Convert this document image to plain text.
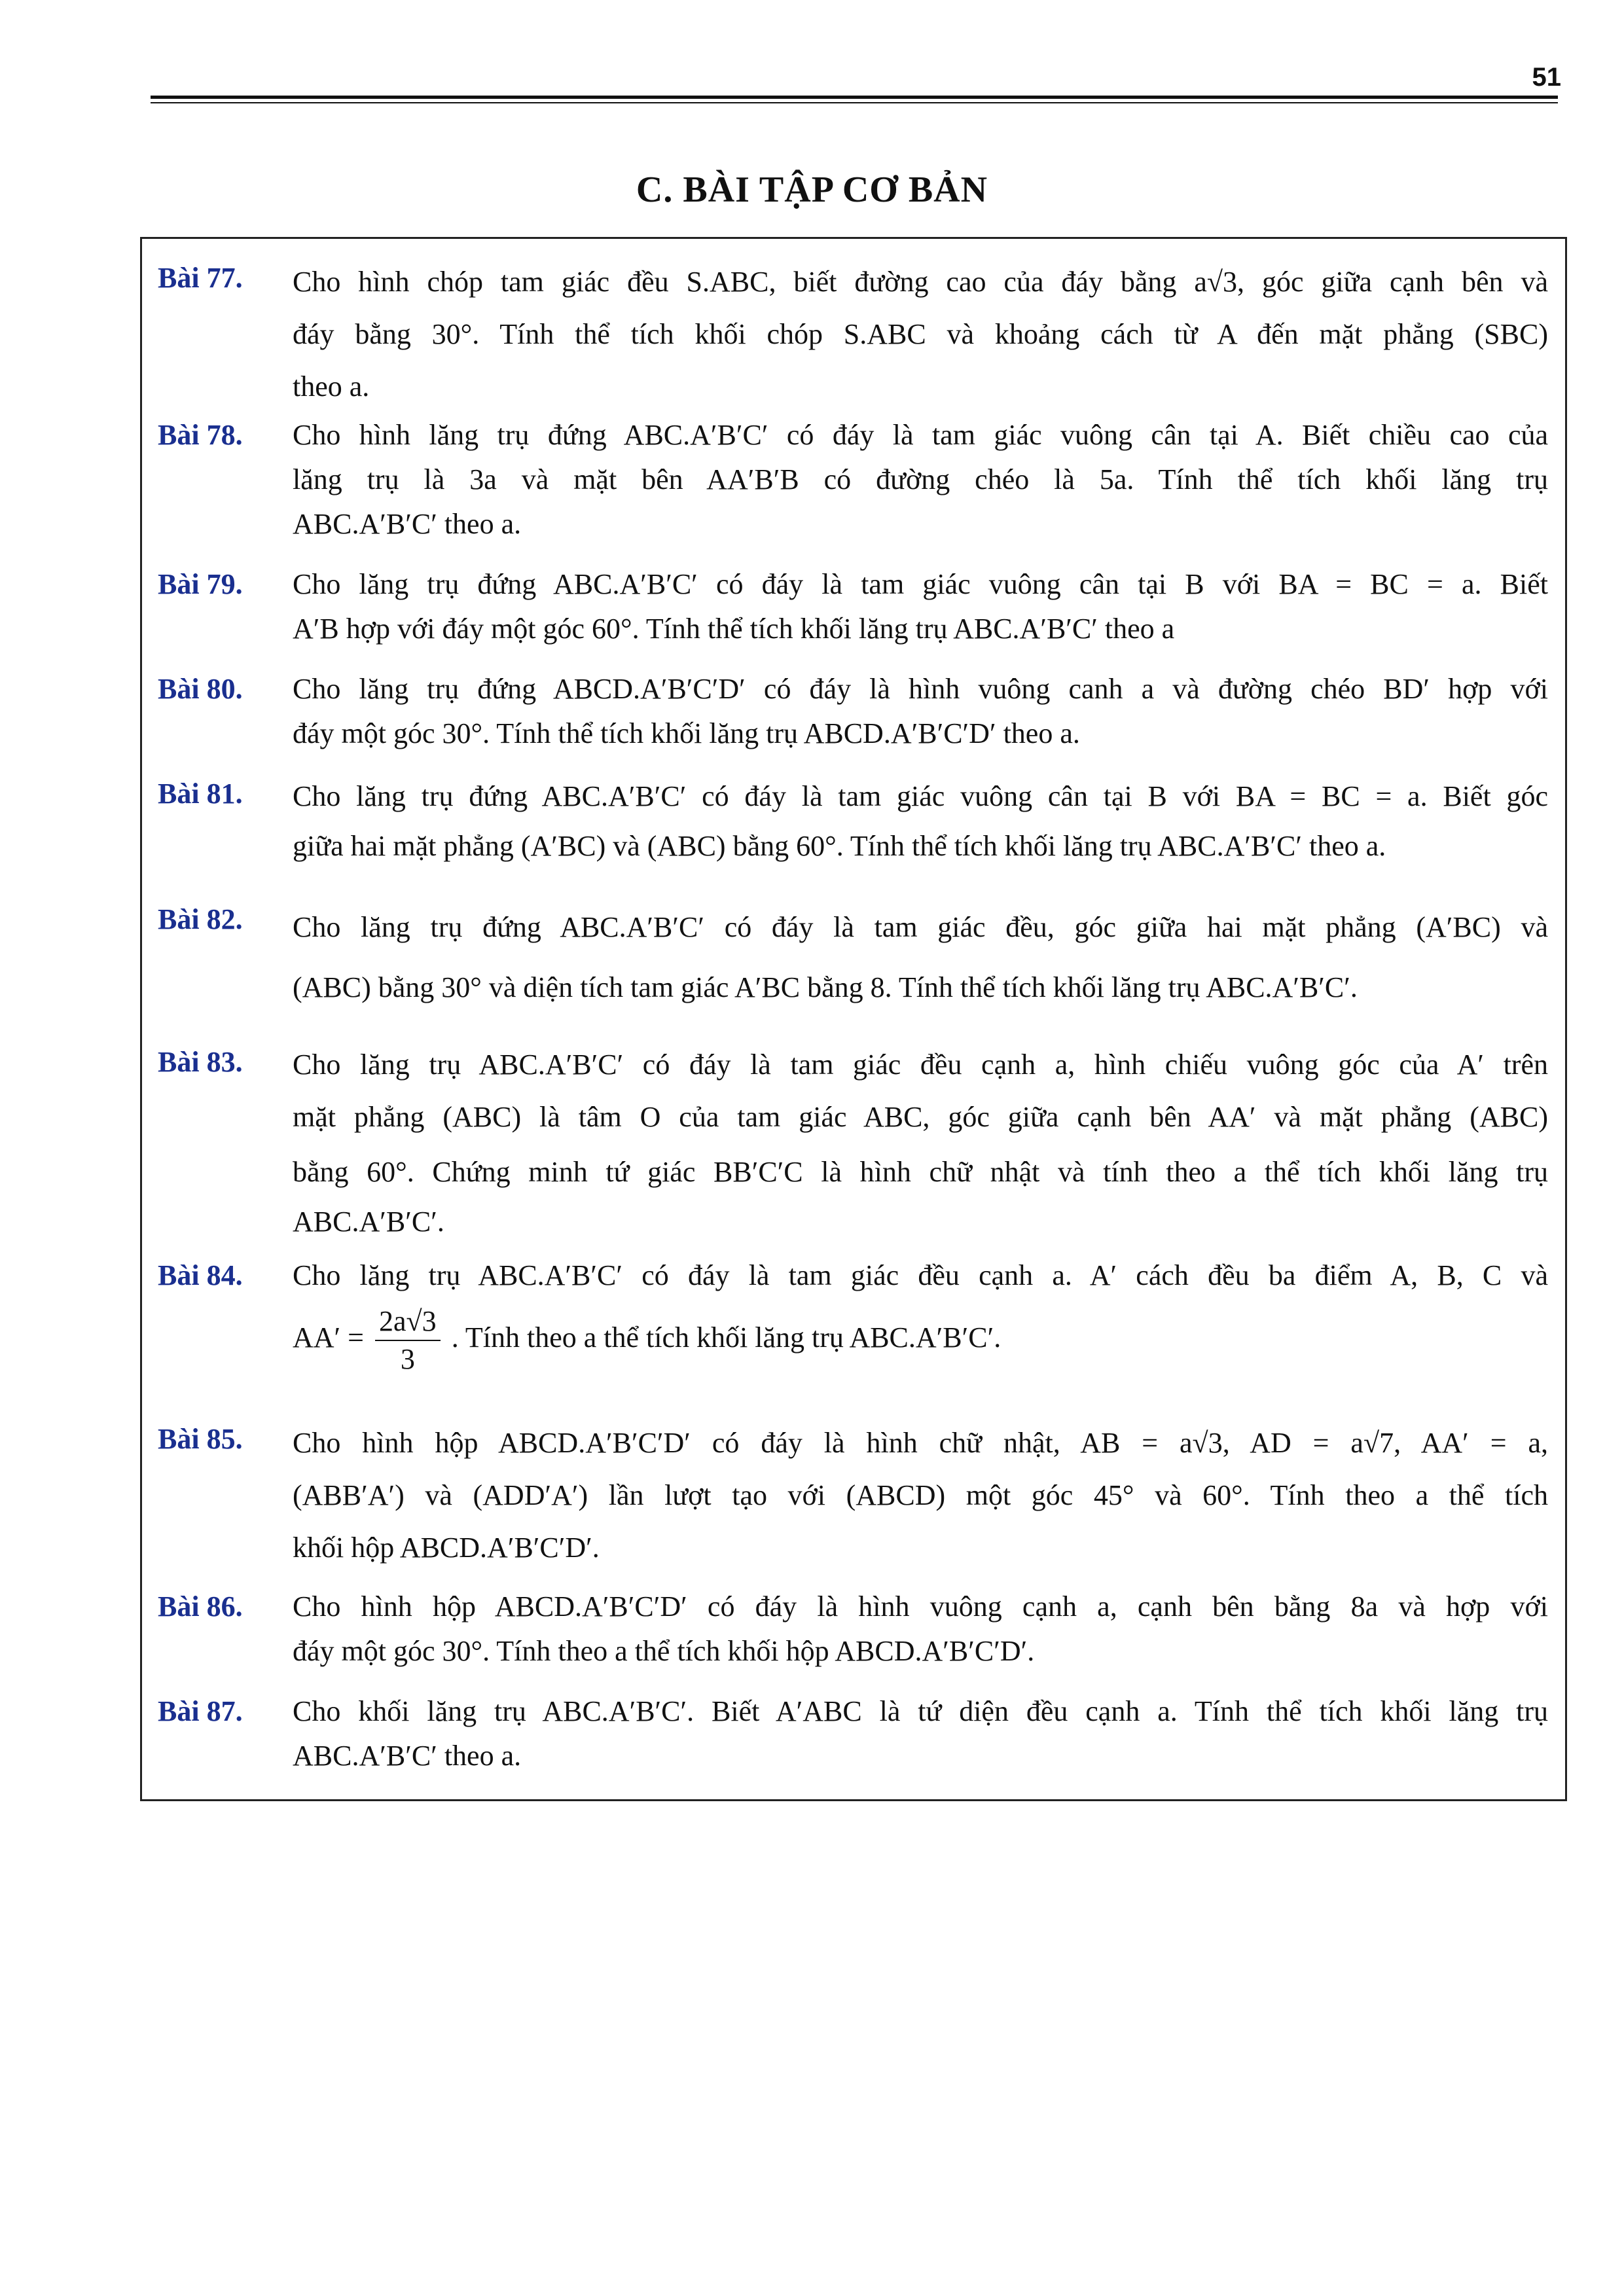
51
C. BÀI TẬP CƠ BẢN
Bài 77. Cho hình chóp tam giác đều S.ABC, biết đường cao của đáy bằng a√3, góc giữa cạnh bên và
đáy bằng 30°. Tính thể tích khối chóp S.ABC và khoảng cách từ A đến mặt phẳng (SBC)
theo a.
Bài 78. Cho hình lăng trụ đứng ABC.A′B′C′ có đáy là tam giác vuông cân tại A. Biết chiều cao của
lăng trụ là 3a và mặt bên AA′B′B có đường chéo là 5a. Tính thể tích khối lăng trụ
ABC.A′B′C′ theo a.
Bài 79. Cho lăng trụ đứng ABC.A′B′C′ có đáy là tam giác vuông cân tại B với BA = BC = a. Biết
A′B hợp với đáy một góc 60°. Tính thể tích khối lăng trụ ABC.A′B′C′ theo a
Bài 80. Cho lăng trụ đứng ABCD.A′B′C′D′ có đáy là hình vuông canh a và đường chéo BD′ hợp với
đáy một góc 30°. Tính thể tích khối lăng trụ ABCD.A′B′C′D′ theo a.
Bài 81. Cho lăng trụ đứng ABC.A′B′C′ có đáy là tam giác vuông cân tại B với BA = BC = a. Biết góc
giữa hai mặt phẳng (A′BC) và (ABC) bằng 60°. Tính thể tích khối lăng trụ ABC.A′B′C′ theo a.
Bài 82. Cho lăng trụ đứng ABC.A′B′C′ có đáy là tam giác đều, góc giữa hai mặt phẳng (A′BC) và
(ABC) bằng 30° và diện tích tam giác A′BC bằng 8. Tính thể tích khối lăng trụ ABC.A′B′C′.
Bài 83. Cho lăng trụ ABC.A′B′C′ có đáy là tam giác đều cạnh a, hình chiếu vuông góc của A′ trên
mặt phẳng (ABC) là tâm O của tam giác ABC, góc giữa cạnh bên AA′ và mặt phẳng (ABC)
bằng 60°. Chứng minh tứ giác BB′C′C là hình chữ nhật và tính theo a thể tích khối lăng trụ
ABC.A′B′C′.
Bài 84. Cho lăng trụ ABC.A′B′C′ có đáy là tam giác đều cạnh a. A′ cách đều ba điểm A, B, C và
$AA' = \frac{2a√3}{3}$ . Tính theo a thể tích khối lăng trụ ABC.A′B′C′.
Bài 85. Cho hình hộp ABCD.A′B′C′D′ có đáy là hình chữ nhật, AB = a√3, AD = a√7, AA′ = a,
(ABB′A′) và (ADD′A′) lần lượt tạo với (ABCD) một góc 45° và 60°. Tính theo a thể tích
khối hộp ABCD.A′B′C′D′.
Bài 86. Cho hình hộp ABCD.A′B′C′D′ có đáy là hình vuông cạnh a, cạnh bên bằng 8a và hợp với
đáy một góc 30°. Tính theo a thể tích khối hộp ABCD.A′B′C′D′.
Bài 87. Cho khối lăng trụ ABC.A′B′C′. Biết A′ABC là tứ diện đều cạnh a. Tính thể tích khối lăng trụ
ABC.A′B′C′ theo a.
